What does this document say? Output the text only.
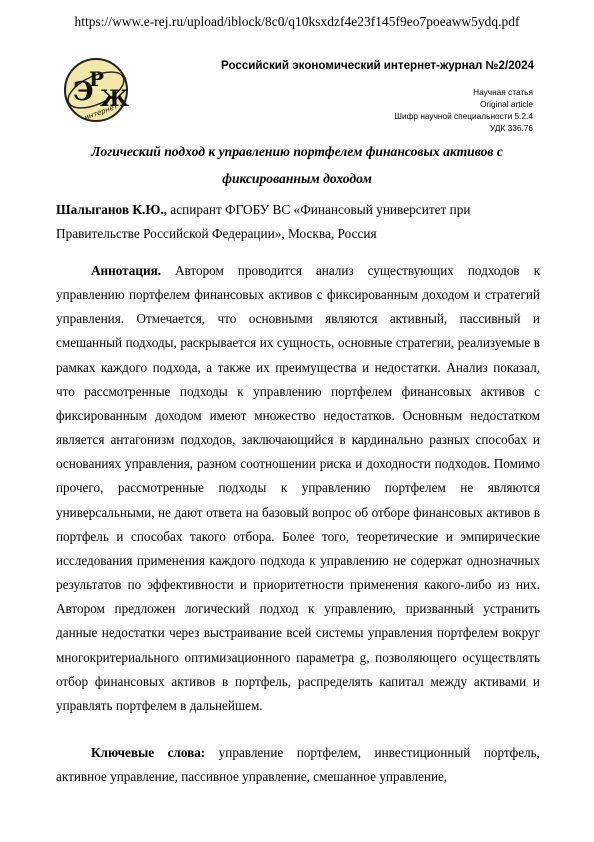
https://www.e-rej.ru/upload/iblock/8c0/q10ksxdzf4e23f145f9eo7poeaww5ydq.pdf
Э
Р
Ж
интернет
Российский экономический интернет-журнал №2/2024
Научная статья
Original article
Шифр научной специальности 5.2.4
УДК 336.76
Логический подход к управлению портфелем финансовых активов с фиксированным доходом
Шалыганов К.Ю., аспирант ФГОБУ ВС «Финансовый университет при Правительстве Российской Федерации», Москва, Россия
Аннотация. Автором проводится анализ существующих подходов к управлению портфелем финансовых активов с фиксированным доходом и стратегий управления. Отмечается, что основными являются активный, пассивный и смешанный подходы, раскрывается их сущность, основные стратегии, реализуемые в рамках каждого подхода, а также их преимущества и недостатки. Анализ показал, что рассмотренные подходы к управлению портфелем финансовых активов с фиксированным доходом имеют множество недостатков. Основным недостатком является антагонизм подходов, заключающийся в кардинально разных способах и основаниях управления, разном соотношении риска и доходности подходов. Помимо прочего, рассмотренные подходы к управлению портфелем не являются универсальными, не дают ответа на базовый вопрос об отборе финансовых активов в портфель и способах такого отбора. Более того, теоретические и эмпирические исследования применения каждого подхода к управлению не содержат однозначных результатов по эффективности и приоритетности применения какого-либо из них. Автором предложен логический подход к управлению, призванный устранить данные недостатки через выстраивание всей системы управления портфелем вокруг многокритериального оптимизационного параметра g, позволяющего осуществлять отбор финансовых активов в портфель, распределять капитал между активами и управлять портфелем в дальнейшем.
Ключевые слова: управление портфелем, инвестиционный портфель, активное управление, пассивное управление, смешанное управление,
